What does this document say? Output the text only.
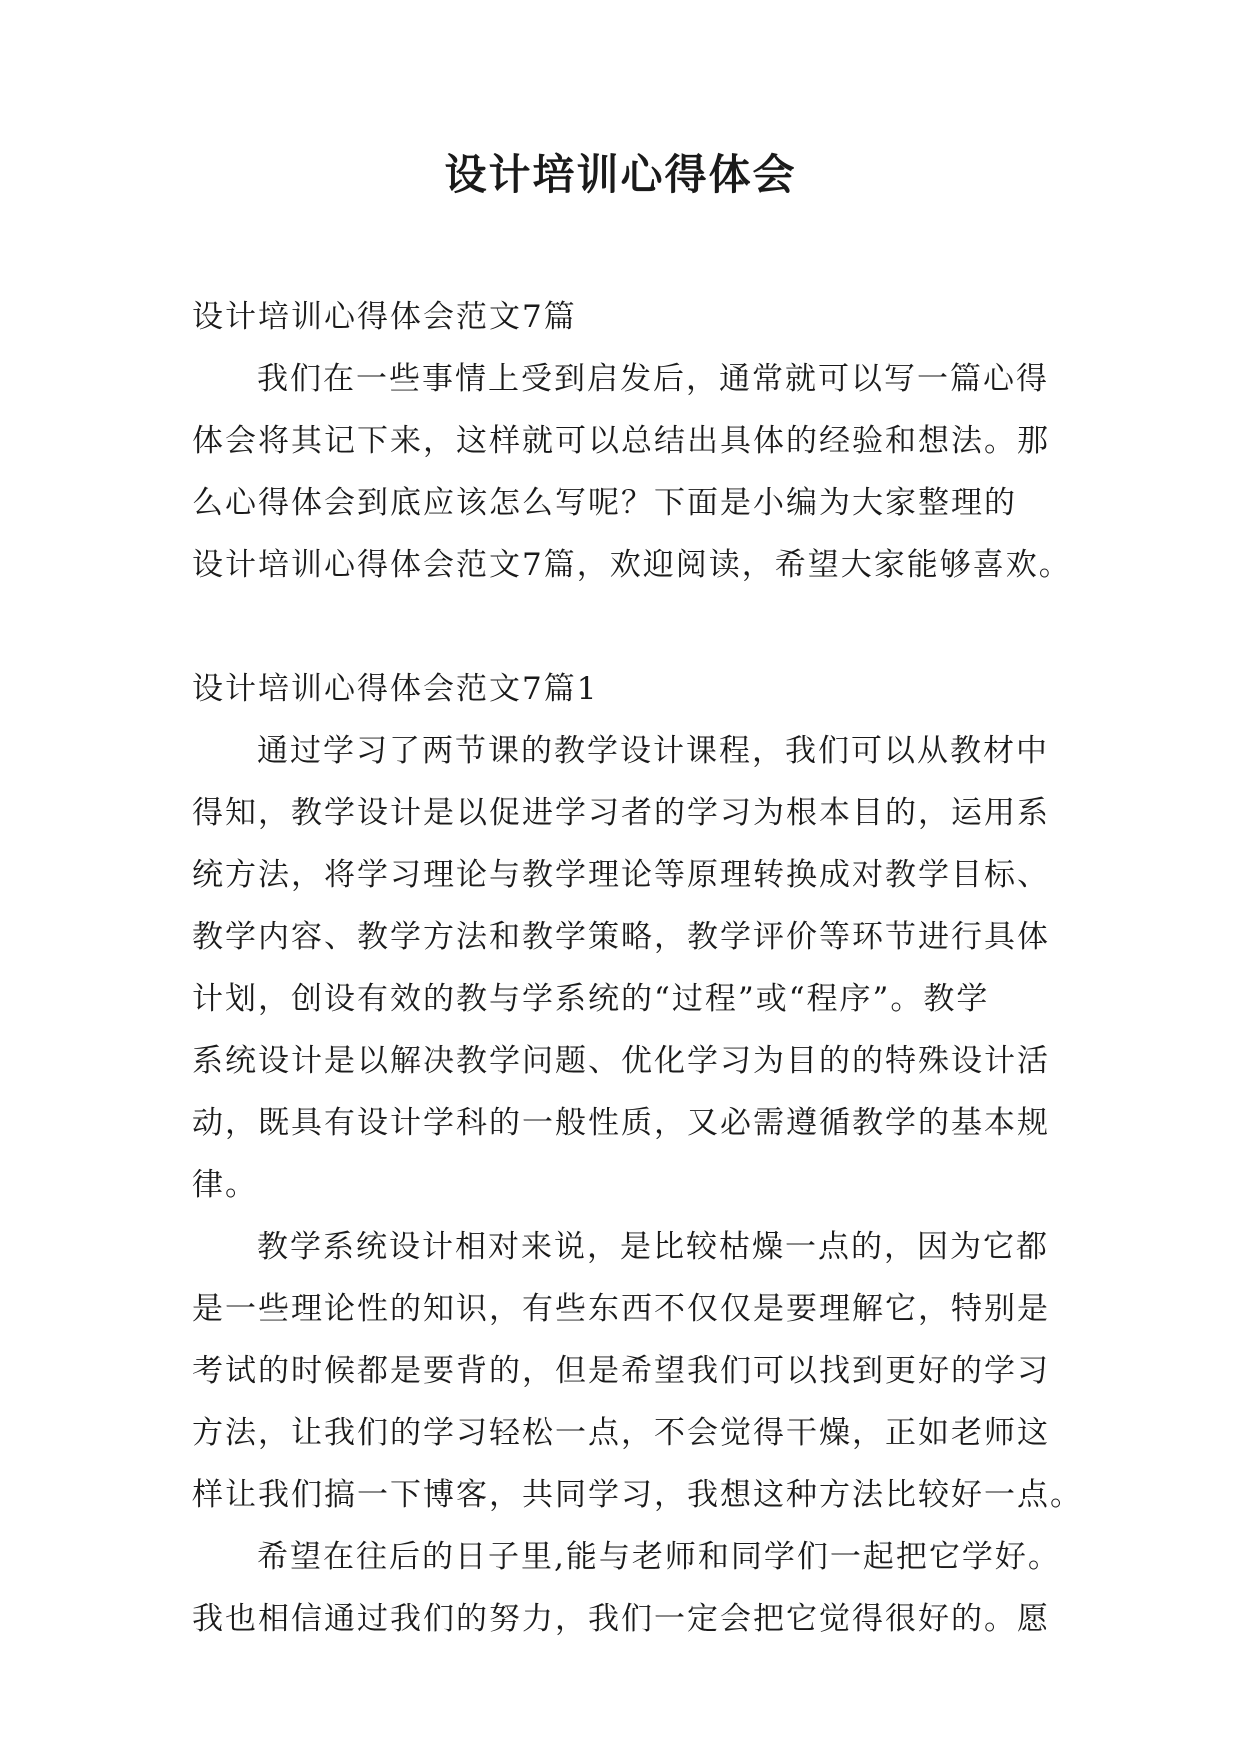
设计培训心得体会

设计培训心得体会范文7篇

我们在一些事情上受到启发后，通常就可以写一篇心得

体会将其记下来，这样就可以总结出具体的经验和想法。那

么心得体会到底应该怎么写呢？下面是小编为大家整理的

设计培训心得体会范文7篇，欢迎阅读，希望大家能够喜欢。

设计培训心得体会范文7篇1

通过学习了两节课的教学设计课程，我们可以从教材中

得知，教学设计是以促进学习者的学习为根本目的，运用系

统方法，将学习理论与教学理论等原理转换成对教学目标、

教学内容、教学方法和教学策略，教学评价等环节进行具体

计划，创设有效的教与学系统的“过程”或“程序”。教学

系统设计是以解决教学问题、优化学习为目的的特殊设计活

动，既具有设计学科的一般性质，又必需遵循教学的基本规

律。

教学系统设计相对来说，是比较枯燥一点的，因为它都

是一些理论性的知识，有些东西不仅仅是要理解它，特别是

考试的时候都是要背的，但是希望我们可以找到更好的学习

方法，让我们的学习轻松一点，不会觉得干燥，正如老师这

样让我们搞一下博客，共同学习，我想这种方法比较好一点。

希望在往后的日子里,能与老师和同学们一起把它学好。

我也相信通过我们的努力，我们一定会把它觉得很好的。愿
